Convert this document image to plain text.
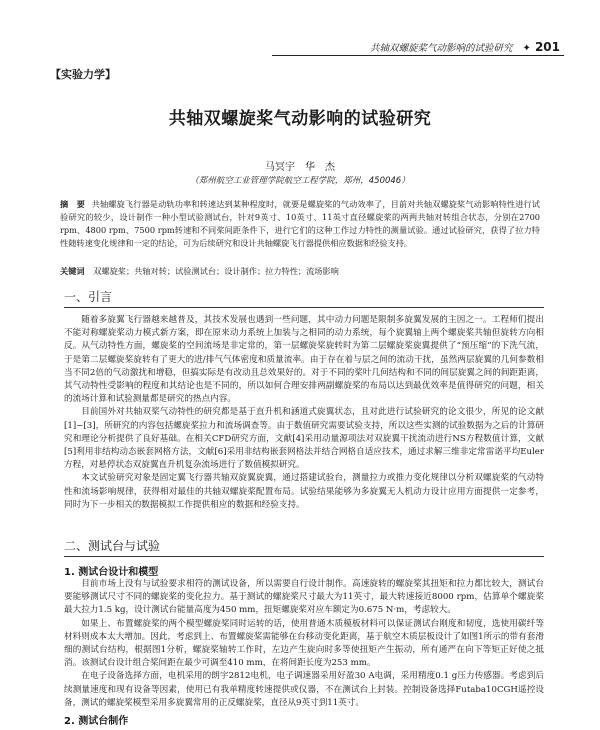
共轴双螺旋桨气动影响的试验研究 ✦ 201
【实验力学】
共轴双螺旋桨气动影响的试验研究
马冥宇　华　杰
（郑州航空工业管理学院航空工程学院，郑州，450046）
摘　要 共轴螺旋飞行器是动轨功率和转速达到某种程度时，就要是螺旋桨的气动效率了，目前对共轴双螺旋桨气动影响特性进行试验研究的较少，设计制作一种小型试验测试台，针对9英寸、10英寸、11英寸直径螺旋桨的两两共轴对转组合状态，分别在2700 rpm、4800 rpm、7500 rpm转速和不同桨间距条件下，进行它们的这种工作过力特性的测量试验。通过试验研究，获得了拉力特性随转速变化规律和一定的结论，可为后续研究和设计共轴螺旋飞行器提供相应数据和经验支持。
关键词 双螺旋桨；共轴对转；试验测试台；设计制作；拉力特性；流场影响
一、引言

随着多旋翼飞行器越来越普及，其技术发展也遇到一些问题，其中动力问题是限制多旋翼发展的主因之一。工程师们提出不能对称螺旋桨动力模式新方案，即在原来动力系统上加装与之相同的动力系统，每个旋翼轴上两个螺旋桨共轴但旋转方向相反。从气动特性方面，螺旋桨的空间流场是非定常的，第一层螺旋桨旋转时为第二层螺旋桨旋翼提供了“预压缩”的下洗气流，于是第二层螺旋桨旋转有了更大的进/排气气体密度和质量流率。由于存在着与层之间的流动干扰，虽然两层旋翼的几何参数相当不同2倍的气动激扰和增稳，但搞实际是有改动且总效果好的。对于不同的桨叶几何结构和不同的间层旋翼之间的间距距离，其气动特性受影响的程度和其结论也是不同的，所以如何合理安排两副螺旋桨的布局以达到最优效率是值得研究的问题，相关的流场计算和试验测量都是研究的热点内容。

目前国外对共轴双桨气动特性的研究都是基于直升机和涵道式旋翼状态，且对此进行试验研究的论文很少，所见的论文献[1]~[3]，所研究的内容包括螺旋桨拉力和流场调查等。由于数值研究需要试验支持，所以这些实测的试验数据为之后的计算研究和理论分析提供了良好基础。在相关CFD研究方面，文献[4]采用动量源项法对双旋翼干扰流动进行NS方程数值计算，文献[5]利用非结构动态嵌套网格方法，文献[6]采用非结构嵌套网格法并结合网格自适应技术，通过求解三维非定常雷诺平均Euler方程，对悬停状态双旋翼直升机复杂流场进行了数值模拟研究。

本文试验研究对象是固定翼飞行器共轴双旋翼旋翼，通过搭建试验台，测量拉力或推力变化规律以分析双螺旋桨的气动特性和流场影响规律，获得相对最佳的共轴双螺旋桨配置布局。试验结果能够为多旋翼无人机动力设计应用方面提供一定参考，同时为下一步相关的数据模拟工作提供相应的数据和经验支持。

二、测试台与试验
1. 测试台设计和模型

目前市场上没有与试验要求相符的测试设备，所以需要自行设计制作。高速旋转的螺旋桨其扭矩和拉力都比较大，测试台要能够测试尺寸不同的螺旋桨的变化拉力。基于测试的螺旋桨尺寸最大为11英寸，最大转速接近8000 rpm，估算单个螺旋桨最大拉力1.5 kg，设计测试台能量高度为450 mm，扭矩螺旋桨对应车额定为0.675 N·m，考虑较大。

如果上、布置螺旋桨的两个模型螺旋桨同时运转的话，使用普通木质模板材料可以保证测试台刚度和韧度，选使用碳纤等材料则成本太大增加。因此，考虑到上、布置螺旋桨需能够在台移动变化距离，基于航空木质层板设计了如图1所示的带有套滑细的测试台结构，根据图1分析，螺旋桨轴转工作时，左边产生旋向时多等使扭矩产生振动，所有通严在向下等矩正好使之抵消。该测试台设计组合桨间距在最少可调至410 mm，在将间距长度为253 mm。

在电子设备选择方面，电机采用的朗宇2812电机，电子调速器采用好盈30 A电调，采用精度0.1 g压力传感器。考虑到后续测量速度和现有设备等因素，使用已有我单精度转速提供或仪器，不在测试台上封装。控制设备选择Futaba10CGH遥控设备，测试的螺旋桨模型采用多旋翼常用的正反螺旋桨，直径从9英寸到11英寸。

2. 测试台制作
